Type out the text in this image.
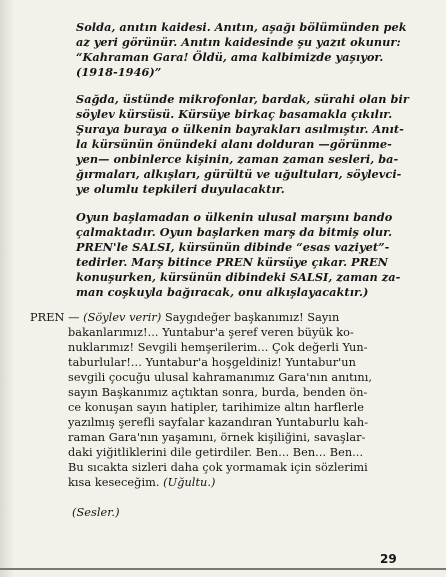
Solda, anıtın kaidesi. Anıtın, aşağı bölümünden pek
az yeri görünür. Anıtın kaidesinde şu yazıt okunur:
“Kahraman Gara! Öldü, ama kalbimizde yaşıyor.
(1918-1946)”
Sağda, üstünde mikrofonlar, bardak, sürahi olan bir
söylev kürsüsü. Kürsüye birkaç basamakla çıkılır.
Şuraya buraya o ülkenin bayrakları asılmıştır. Anıt-
la kürsünün önündeki alanı dolduran —görünme-
yen— onbinlerce kişinin, zaman zaman sesleri, ba-
ğırmaları, alkışları, gürültü ve uğultuları, söylevci-
ye olumlu tepkileri duyulacaktır.
Oyun başlamadan o ülkenin ulusal marşını bando
çalmaktadır. Oyun başlarken marş da bitmiş olur.
PREN'le SALSI, kürsünün dibinde “esas vaziyet”-
tedirler. Marş bitince PREN kürsüye çıkar. PREN
konuşurken, kürsünün dibindeki SALSI, zaman za-
man coşkuyla bağıracak, onu alkışlayacaktır.)
PREN — (Söylev verir) Saygıdeğer başkanımız! Sayın
bakanlarımız!... Yuntabur'a şeref veren büyük ko-
nuklarımız! Sevgili hemşerilerim... Çok değerli Yun-
taburlular!... Yuntabur'a hoşgeldiniz! Yuntabur'un
sevgili çocuğu ulusal kahramanımız Gara'nın anıtını,
sayın Başkanımız açtıktan sonra, burda, benden ön-
ce konuşan sayın hatipler, tarihimize altın harflerle
yazılmış şerefli sayfalar kazandıran Yuntaburlu kah-
raman Gara'nın yaşamını, örnek kişiliğini, savaşlar-
daki yiğitliklerini dile getirdiler. Ben... Ben... Ben...
Bu sıcakta sizleri daha çok yormamak için sözlerimi
kısa keseceğim. (Uğultu.)
(Sesler.)
29
